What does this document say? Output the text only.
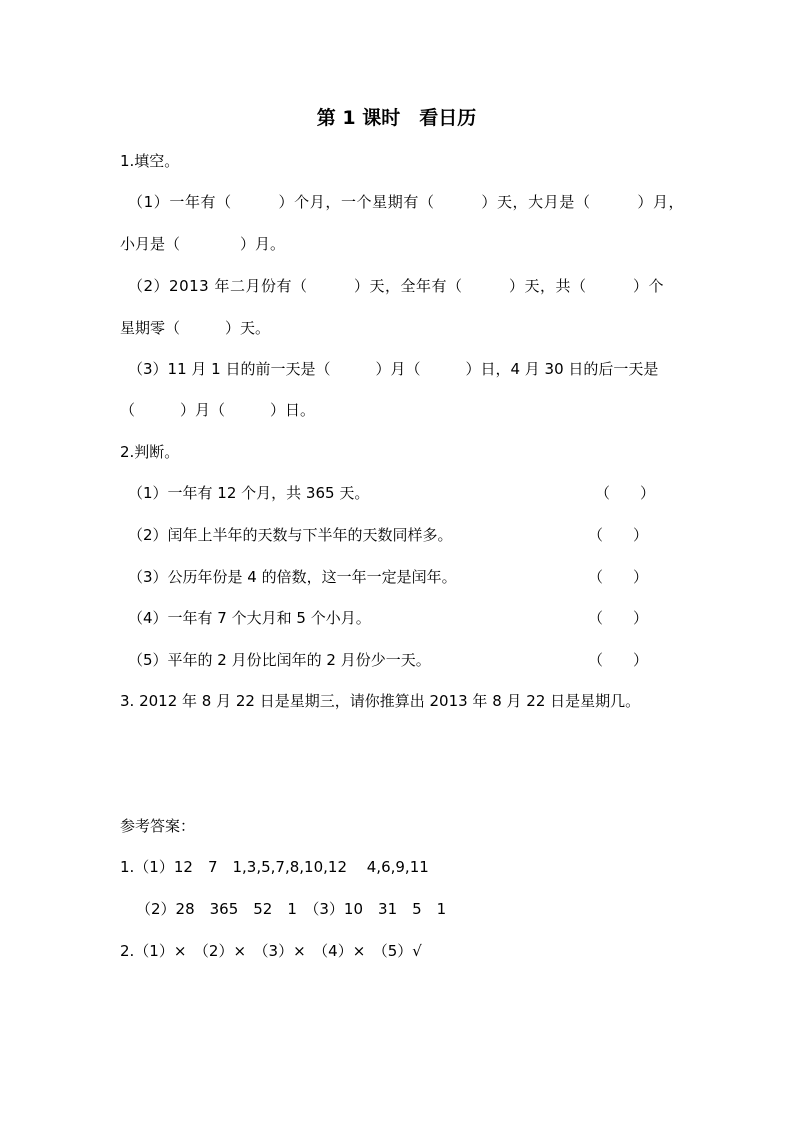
第 1 课时　看日历
1.填空。
（1）一年有（　　　）个月，一个星期有（　　　）天，大月是（　　　）月，
小月是（　　　　）月。
（2）2013 年二月份有（　　　）天，全年有（　　　）天，共（　　　）个
星期零（　　　）天。
（3）11 月 1 日的前一天是（　　　）月（　　　）日，4 月 30 日的后一天是
（　　　）月（　　　）日。
2.判断。
（1）一年有 12 个月，共 365 天。	（　　）
（2）闰年上半年的天数与下半年的天数同样多。	（　　）
（3）公历年份是 4 的倍数，这一年一定是闰年。	（　　）
（4）一年有 7 个大月和 5 个小月。	（　　）
（5）平年的 2 月份比闰年的 2 月份少一天。	（　　）
3. 2012 年 8 月 22 日是星期三，请你推算出 2013 年 8 月 22 日是星期几。
参考答案：
1.（1）12　7　1,3,5,7,8,10,12　 4,6,9,11
（2）28　365　52　1　（3）10　31　5　1
2.（1）×　（2）×　（3）×　（4）×　（5）√
